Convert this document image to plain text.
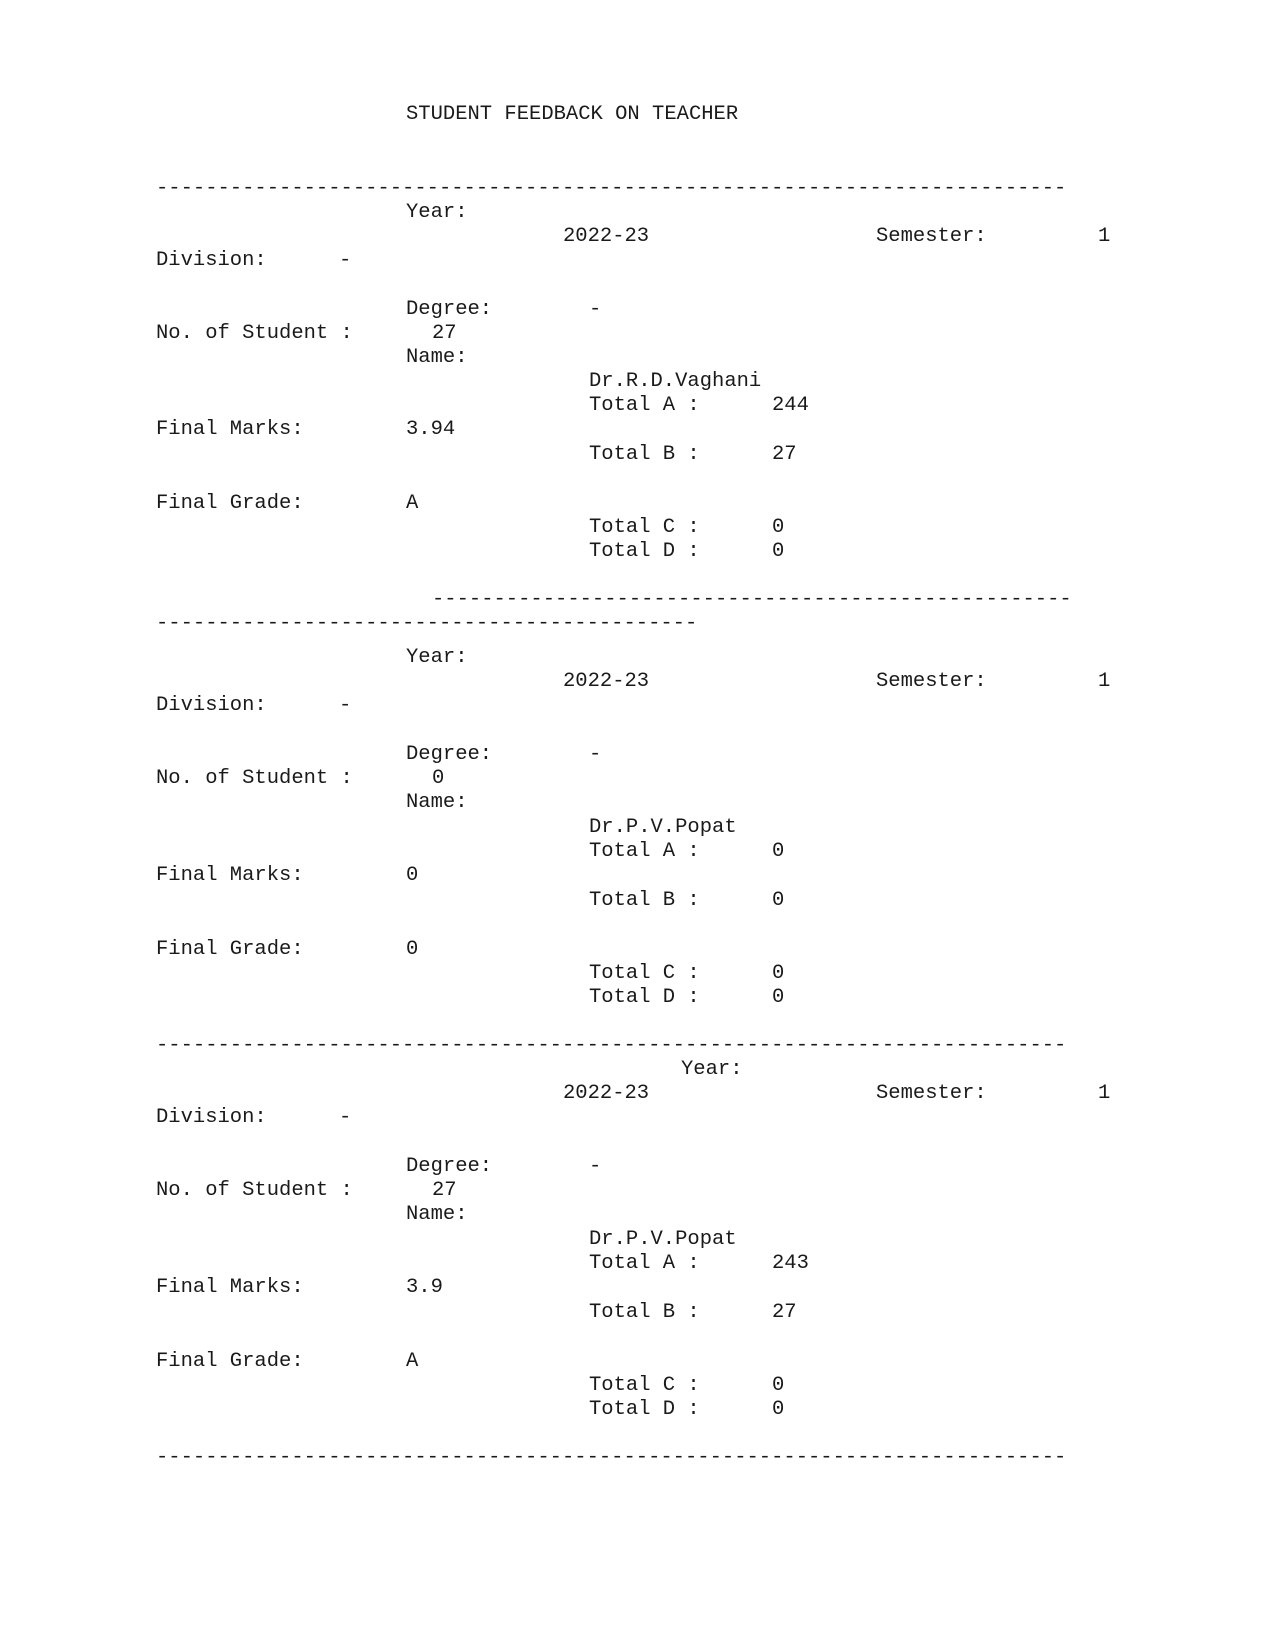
STUDENT FEEDBACK ON TEACHER
--------------------------------------------------------------------------
Year:
2022-23	Semester:	1
Division:	-
Degree:	-
No. of Student :	27
Name:
Dr.R.D.Vaghani
Total A :	244
Final Marks:	3.94
Total B :	27
Final Grade:	A
Total C :	0
Total D :	0
----------------------------------------------------
--------------------------------------------
Year:
2022-23	Semester:	1
Division:	-
Degree:	-
No. of Student :	0
Name:
Dr.P.V.Popat
Total A :	0
Final Marks:	0
Total B :	0
Final Grade:	0
Total C :	0
Total D :	0
--------------------------------------------------------------------------
Year:
2022-23	Semester:	1
Division:	-
Degree:	-
No. of Student :	27
Name:
Dr.P.V.Popat
Total A :	243
Final Marks:	3.9
Total B :	27
Final Grade:	A
Total C :	0
Total D :	0
--------------------------------------------------------------------------
